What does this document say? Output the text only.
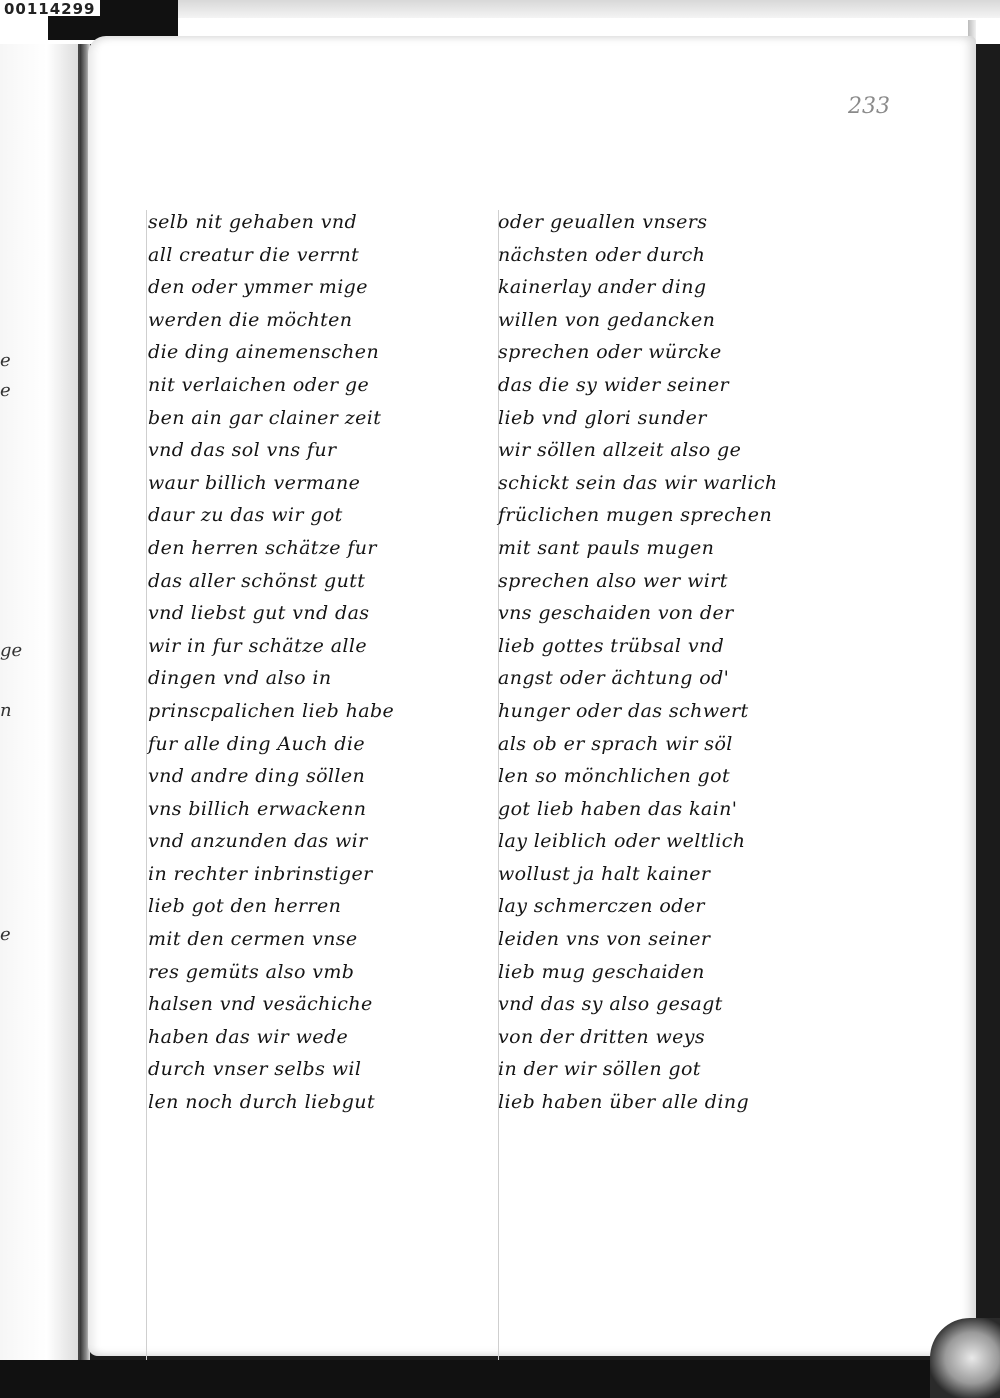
00114299
e
e
ge
n
e
233
selb nit gehaben vnd
all creatur die verrnt
den oder ymmer mige
werden die möchten
die ding ainemenschen
nit verlaichen oder ge
ben ain gar clainer zeit
vnd das sol vns fur
waur billich vermane
daur zu das wir got
den herren schätze fur
das aller schönst gutt
vnd liebst gut vnd das
wir in fur schätze alle
dingen vnd also in
prinscpalichen lieb habe
fur alle ding Auch die
vnd andre ding söllen
vns billich erwackenn
vnd anzunden das wir
in rechter inbrinstiger
lieb got den herren
mit den cermen vnse
res gemüts also vmb
halsen vnd vesächiche
haben das wir wede
durch vnser selbs wil
len noch durch liebgut
oder geuallen vnsers
nächsten oder durch
kainerlay ander ding
willen von gedancken
sprechen oder würcke
das die sy wider seiner
lieb vnd glori sunder
wir söllen allzeit also ge
schickt sein das wir warlich
früclichen mugen sprechen
mit sant pauls mugen
sprechen also wer wirt
vns geschaiden von der
lieb gottes trübsal vnd
angst oder ächtung od'
hunger oder das schwert
als ob er sprach wir söl
len so mönchlichen got
got lieb haben das kain'
lay leiblich oder weltlich
wollust ja halt kainer
lay schmerczen oder
leiden vns von seiner
lieb mug geschaiden
vnd das sy also gesagt
von der dritten weys
in der wir söllen got
lieb haben über alle ding
